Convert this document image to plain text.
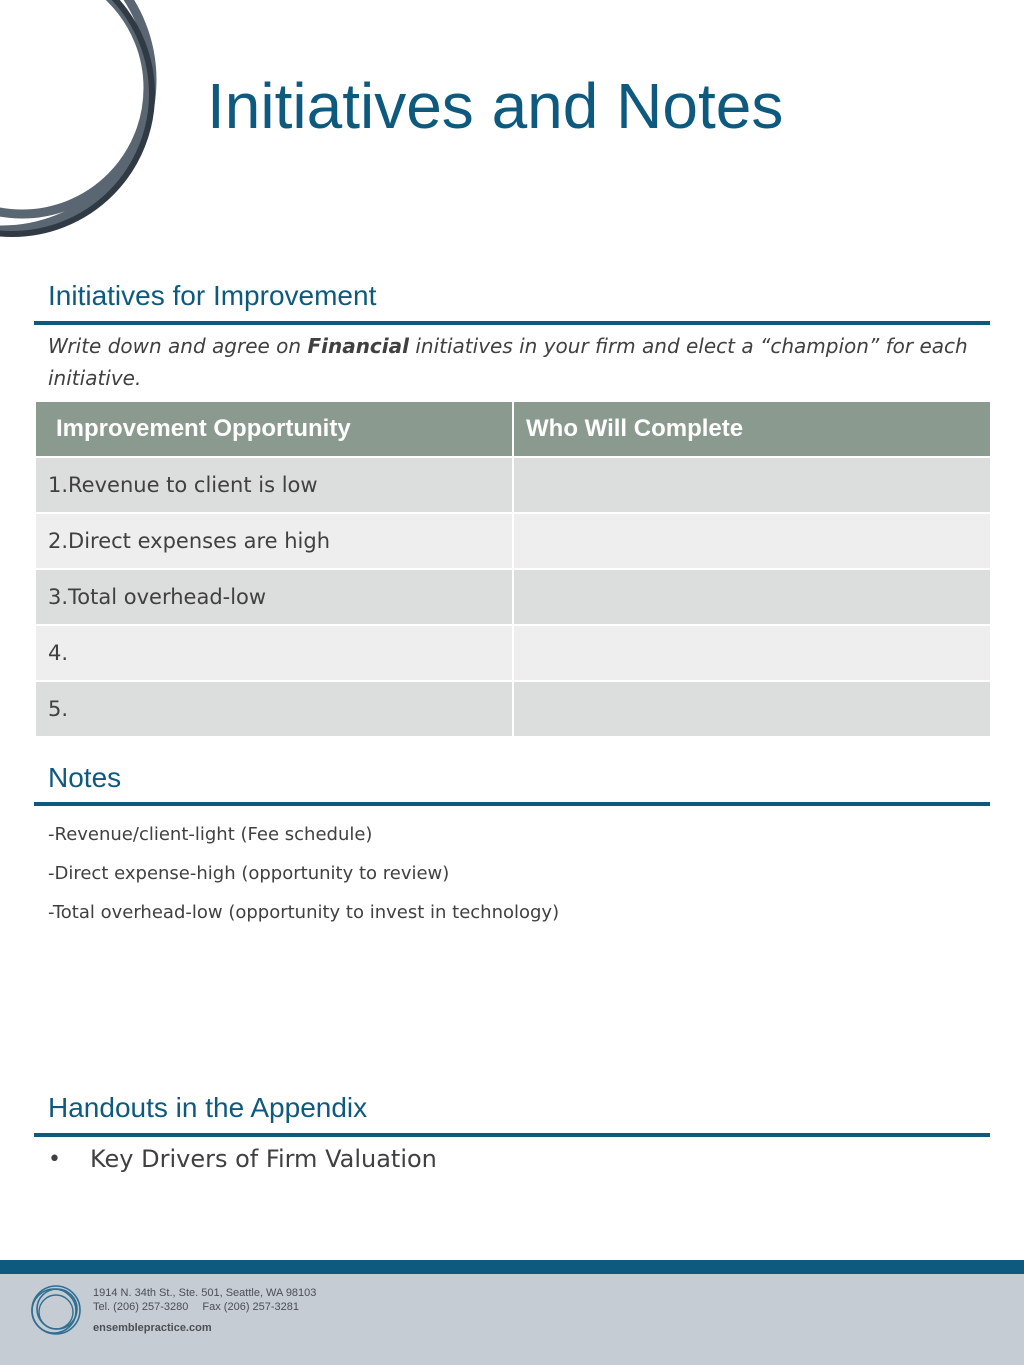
Initiatives and Notes
Initiatives for Improvement
Write down and agree on Financial initiatives in your firm and elect a “champion” for each initiative.
Improvement Opportunity	Who Will Complete
1.Revenue to client is low	
2.Direct expenses are high	
3.Total overhead-low	
4.	
5.	
Notes
-Revenue/client-light (Fee schedule)
-Direct expense-high (opportunity to review)
-Total overhead-low (opportunity to invest in technology)
Handouts in the Appendix
•	Key Drivers of Firm Valuation
1914 N. 34th St., Ste. 501, Seattle, WA 98103
Tel. (206) 257-3280 Fax (206) 257-3281
ensemblepractice.com
